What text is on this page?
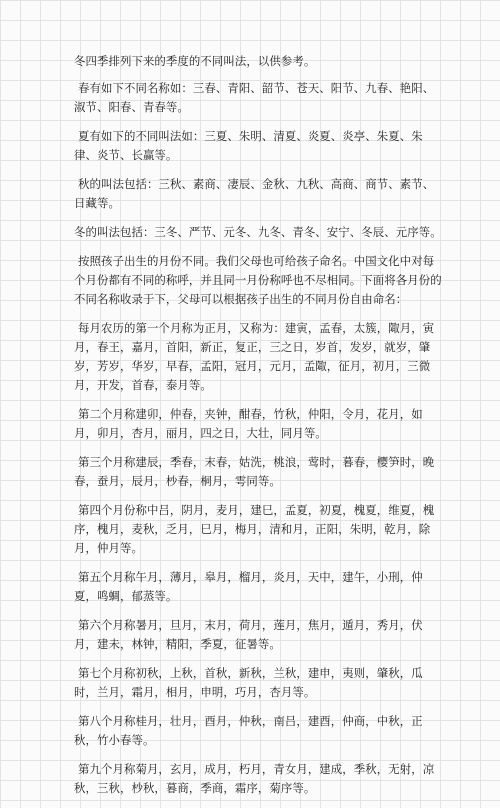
冬四季排列下来的季度的不同叫法，以供参考。

春有如下不同名称如：三春、青阳、韶节、苍天、阳节、九春、艳阳、淑节、阳春、青春等。

夏有如下的不同叫法如：三夏、朱明、清夏、炎夏、炎亭、朱夏、朱律、炎节、长赢等。

秋的叫法包括：三秋、素商、凄辰、金秋、九秋、高商、商节、素节、日藏等。

冬的叫法包括：三冬、严节、元冬、九冬、青冬、安宁、冬辰、元序等。

按照孩子出生的月份不同。我们父母也可给孩子命名。中国文化中对每个月份都有不同的称呼，并且同一月份称呼也不尽相同。下面将各月份的不同名称收录于下，父母可以根据孩子出生的不同月份自由命名：

每月农历的第一个月称为正月，又称为：建寅，孟春，太簇，陬月，寅月，春王，嘉月，首阳，新正，复正，三之日，岁首，发岁，就岁，肇岁，芳岁，华岁，早春，孟阳，冠月，元月，孟陬，征月，初月，三微月，开发，首春，泰月等。

第二个月称建卯，仲春，夹钟，酣春，竹秋，仲阳，令月，花月，如月，卯月，杏月，丽月，四之日，大壮，同月等。

第三个月称建辰，季春，末春，姑洗，桃浪，莺时，暮春，樱笋时，晚春，蚕月，辰月，杪春，桐月，雩同等。

第四个月份称中吕，阴月，麦月，建巳，孟夏，初夏，槐夏，维夏，槐序，槐月，麦秋，乏月，巳月，梅月，清和月，正阳，朱明，乾月，除月，仲月等。

第五个月称午月，薄月，皋月，榴月，炎月，天中，建午，小刑，仲夏，鸣蜩，郁蒸等。

第六个月称暑月，旦月，末月，荷月，莲月，焦月，遁月，秀月，伏月，建未，林钟，精阳，季夏，征暑等。

第七个月称初秋，上秋，首秋，新秋，兰秋，建申，夷则，肇秋，瓜时，兰月，霜月，相月，申明，巧月，杏月等。

第八个月称桂月，壮月，酉月，仲秋，南吕，建酉，仲商，中秋，正秋，竹小春等。

第九个月称菊月，玄月，成月，朽月，青女月，建成，季秋，无射，凉秋，三秋，杪秋，暮商，季商，霜序，菊序等。
